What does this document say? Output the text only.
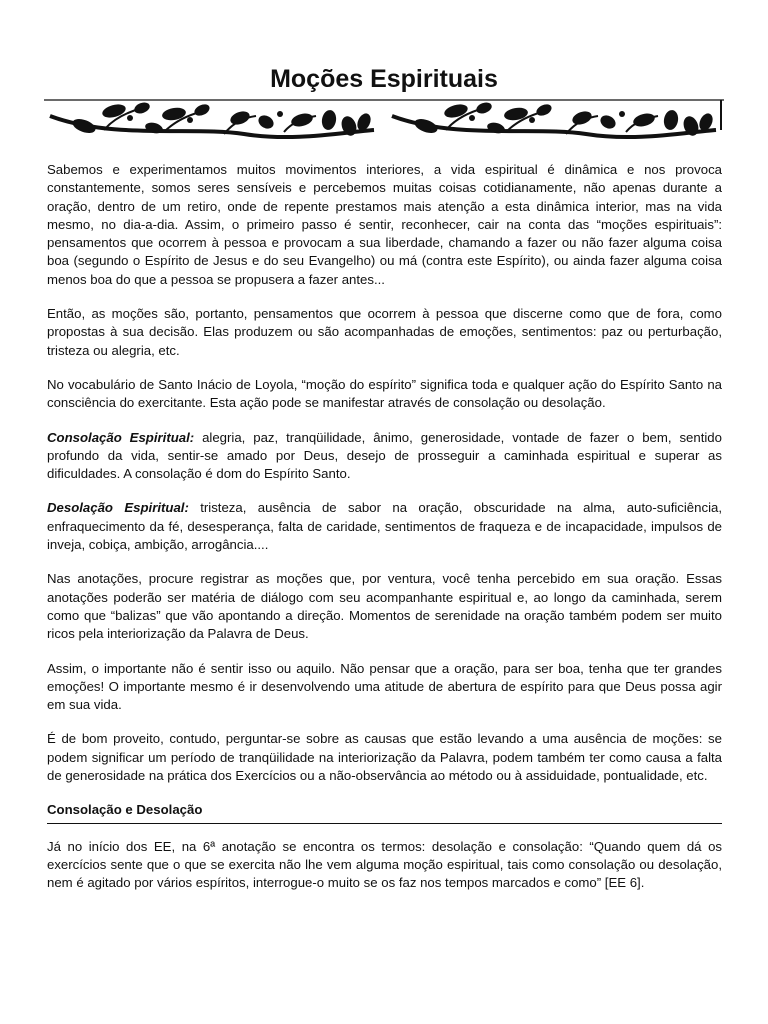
Moções Espirituais

Sabemos e experimentamos muitos movimentos interiores, a vida espiritual é dinâmica e nos provoca constantemente, somos seres sensíveis e percebemos muitas coisas cotidianamente, não apenas durante a oração, dentro de um retiro, onde de repente prestamos mais atenção a esta dinâmica interior, mas na vida mesmo, no dia-a-dia. Assim, o primeiro passo é sentir, reconhecer, cair na conta das “moções espirituais”: pensamentos que ocorrem à pessoa e provocam a sua liberdade, chamando a fazer ou não fazer alguma coisa boa (segundo o Espírito de Jesus e do seu Evangelho) ou má (contra este Espírito), ou ainda fazer alguma coisa menos boa do que a pessoa se propusera a fazer antes...

Então, as moções são, portanto, pensamentos que ocorrem à pessoa que discerne como que de fora, como propostas à sua decisão. Elas produzem ou são acompanhadas de emoções, sentimentos: paz ou perturbação, tristeza ou alegria, etc.

No vocabulário de Santo Inácio de Loyola, “moção do espírito” significa toda e qualquer ação do Espírito Santo na consciência do exercitante. Esta ação pode se manifestar através de consolação ou desolação.

Consolação Espiritual: alegria, paz, tranqüilidade, ânimo, generosidade, vontade de fazer o bem, sentido profundo da vida, sentir-se amado por Deus, desejo de prosseguir a caminhada espiritual e superar as dificuldades. A consolação é dom do Espírito Santo.

Desolação Espiritual: tristeza, ausência de sabor na oração, obscuridade na alma, auto-suficiência, enfraquecimento da fé, desesperança, falta de caridade, sentimentos de fraqueza e de incapacidade, impulsos de inveja, cobiça, ambição, arrogância....

Nas anotações, procure registrar as moções que, por ventura, você tenha percebido em sua oração. Essas anotações poderão ser matéria de diálogo com seu acompanhante espiritual e, ao longo da caminhada, serem como que “balizas” que vão apontando a direção. Momentos de serenidade na oração também podem ser muito ricos pela interiorização da Palavra de Deus.

Assim, o importante não é sentir isso ou aquilo. Não pensar que a oração, para ser boa, tenha que ter grandes emoções! O importante mesmo é ir desenvolvendo uma atitude de abertura de espírito para que Deus possa agir em sua vida.

É de bom proveito, contudo, perguntar-se sobre as causas que estão levando a uma ausência de moções: se podem significar um período de tranqüilidade na interiorização da Palavra, podem também ter como causa a falta de generosidade na prática dos Exercícios ou a não-observância ao método ou à assiduidade, pontualidade, etc.

Consolação e Desolação

Já no início dos EE, na 6ª anotação se encontra os termos: desolação e consolação: “Quando quem dá os exercícios sente que o que se exercita não lhe vem alguma moção espiritual, tais como consolação ou desolação, nem é agitado por vários espíritos, interrogue-o muito se os faz nos tempos marcados e como” [EE 6].
